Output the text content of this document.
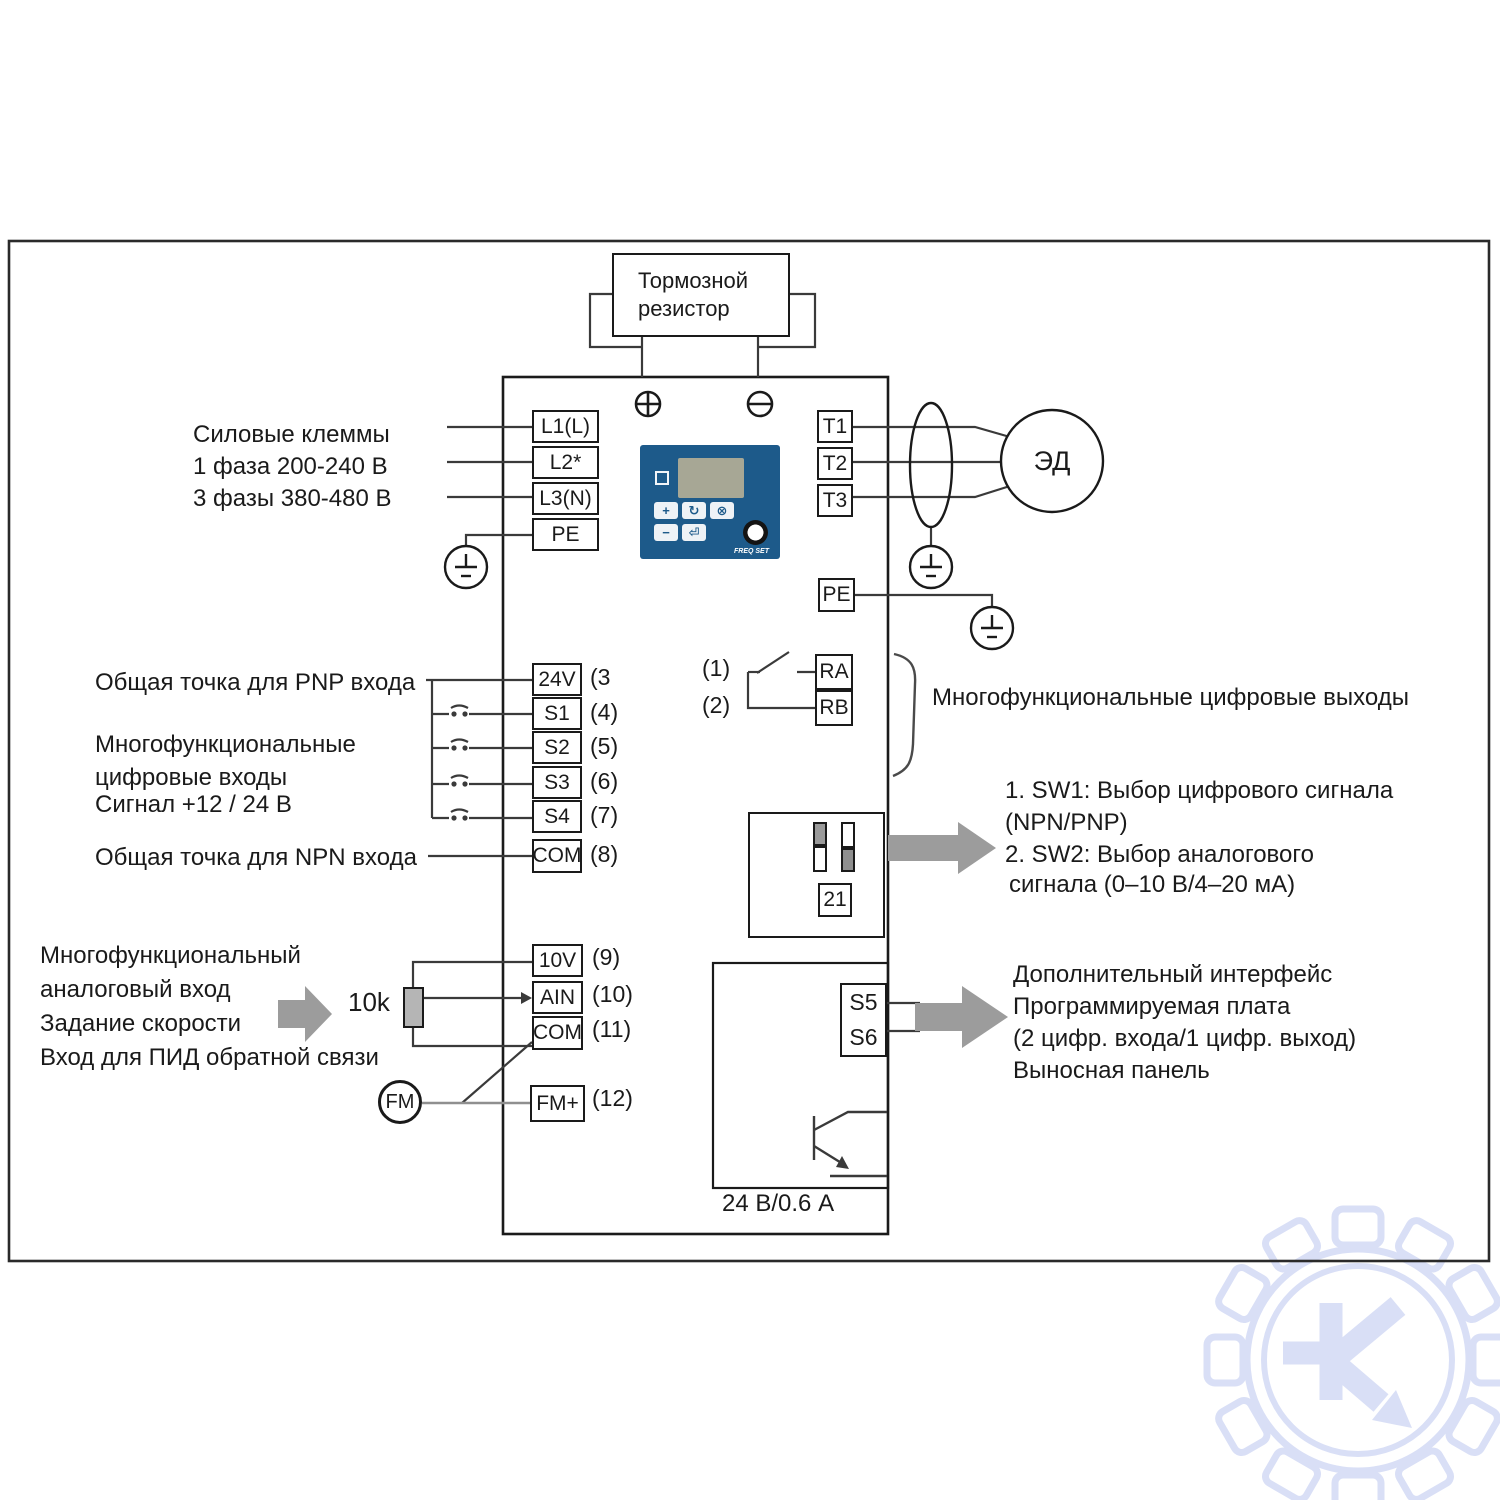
Тормозной
резистор
Силовые клеммы
1 фаза 200-240 В
3 фазы 380-480 В
L1(L)
L2*
L3(N)
PE
T1
T2
T3
PE
ЭД
+	↻	⊗
−	⏎
FREQ SET
Общая точка для PNP входа
Многофункциональные
цифровые входы
Сигнал +12 / 24 В
Общая точка для NPN входа
24V
S1
S2
S3
S4
COM
(3
(4)
(5)
(6)
(7)
(8)
(1)
(2)
RA
RB	Многофункциональные цифровые выходы
21
1. SW1: Выбор цифрового сигнала
(NPN/PNP)
2. SW2: Выбор аналогового
сигнала (0–10 В/4–20 мА)
Многофункциональный
аналоговый вход
Задание скорости
Вход для ПИД обратной связи
10k
FM
10V
AIN
COM
FM+
(9)
(10)
(11)
(12)
S5
S6
Дополнительный интерфейс
Программируемая плата
(2 цифр. входа/1 цифр. выход)
Выносная панель
24 В/0.6 А
